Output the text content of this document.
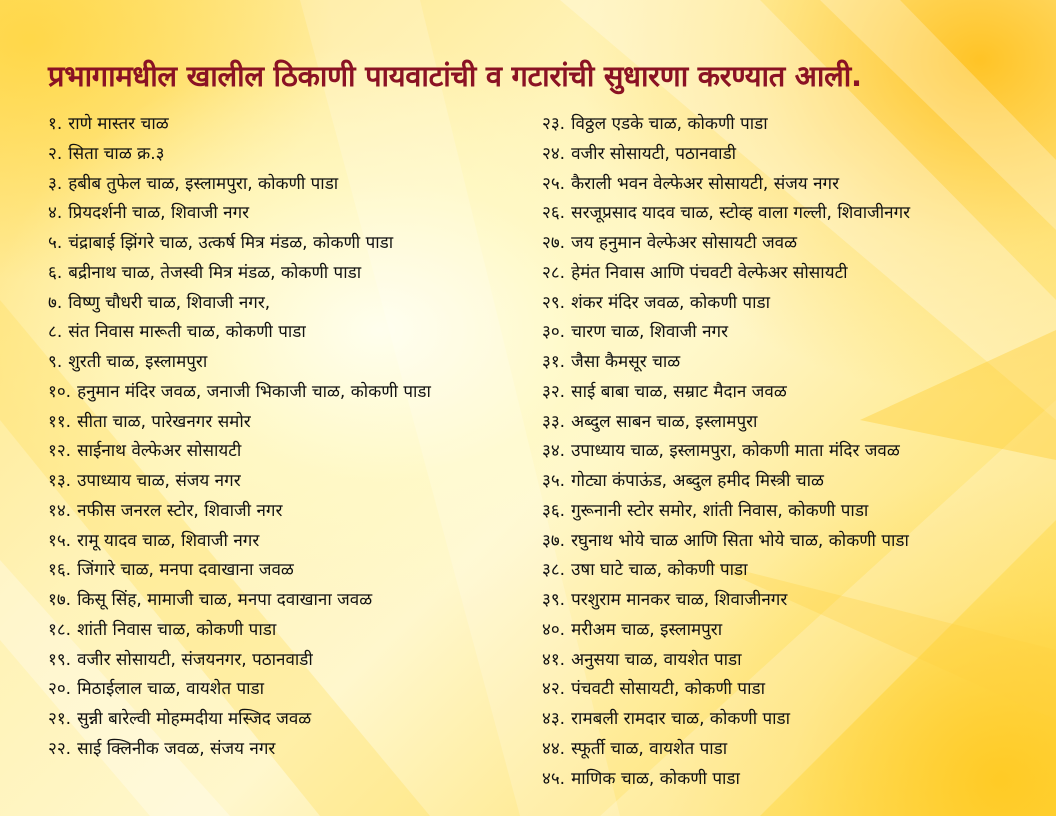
प्रभागामधील खालील ठिकाणी पायवाटांची व गटारांची सुधारणा करण्यात आली.
१. राणे मास्तर चाळ
२. सिता चाळ क्र.३
३. हबीब तुफेल चाळ, इस्लामपुरा, कोकणी पाडा
४. प्रियदर्शनी चाळ, शिवाजी नगर
५. चंद्राबाई झिंगरे चाळ, उत्कर्ष मित्र मंडळ, कोकणी पाडा
६. बद्रीनाथ चाळ, तेजस्वी मित्र मंडळ, कोकणी पाडा
७. विष्णु चौधरी चाळ, शिवाजी नगर,
८. संत निवास मारूती चाळ, कोकणी पाडा
९. शुरती चाळ, इस्लामपुरा
१०. हनुमान मंदिर जवळ, जनाजी भिकाजी चाळ, कोकणी पाडा
११. सीता चाळ, पारेखनगर समोर
१२. साईनाथ वेल्फेअर सोसायटी
१३. उपाध्याय चाळ, संजय नगर
१४. नफीस जनरल स्टोर, शिवाजी नगर
१५. रामू यादव चाळ, शिवाजी नगर
१६. जिंगारे चाळ, मनपा दवाखाना जवळ
१७. किसू सिंह, मामाजी चाळ, मनपा दवाखाना जवळ
१८. शांती निवास चाळ, कोकणी पाडा
१९. वजीर सोसायटी, संजयनगर, पठानवाडी
२०. मिठाईलाल चाळ, वायशेत पाडा
२१. सुन्नी बारेल्वी मोहम्मदीया मस्जिद जवळ
२२. साई क्लिनीक जवळ, संजय नगर
२३. विठ्ठल एडके चाळ, कोकणी पाडा
२४. वजीर सोसायटी, पठानवाडी
२५. कैराली भवन वेल्फेअर सोसायटी, संजय नगर
२६. सरजूप्रसाद यादव चाळ, स्टोव्ह वाला गल्ली, शिवाजीनगर
२७. जय हनुमान वेल्फेअर सोसायटी जवळ
२८. हेमंत निवास आणि पंचवटी वेल्फेअर सोसायटी
२९. शंकर मंदिर जवळ, कोकणी पाडा
३०. चारण चाळ, शिवाजी नगर
३१. जैसा कैमसूर चाळ
३२. साई बाबा चाळ, सम्राट मैदान जवळ
३३. अब्दुल साबन चाळ, इस्लामपुरा
३४. उपाध्याय चाळ, इस्लामपुरा, कोकणी माता मंदिर जवळ
३५. गोट्या कंपाऊंड, अब्दुल हमीद मिस्त्री चाळ
३६. गुरूनानी स्टोर समोर, शांती निवास, कोकणी पाडा
३७. रघुनाथ भोये चाळ आणि सिता भोये चाळ, कोकणी पाडा
३८. उषा घाटे चाळ, कोकणी पाडा
३९. परशुराम मानकर चाळ, शिवाजीनगर
४०. मरीअम चाळ, इस्लामपुरा
४१. अनुसया चाळ, वायशेत पाडा
४२. पंचवटी सोसायटी, कोकणी पाडा
४३. रामबली रामदार चाळ, कोकणी पाडा
४४. स्फूर्ती चाळ, वायशेत पाडा
४५. माणिक चाळ, कोकणी पाडा
